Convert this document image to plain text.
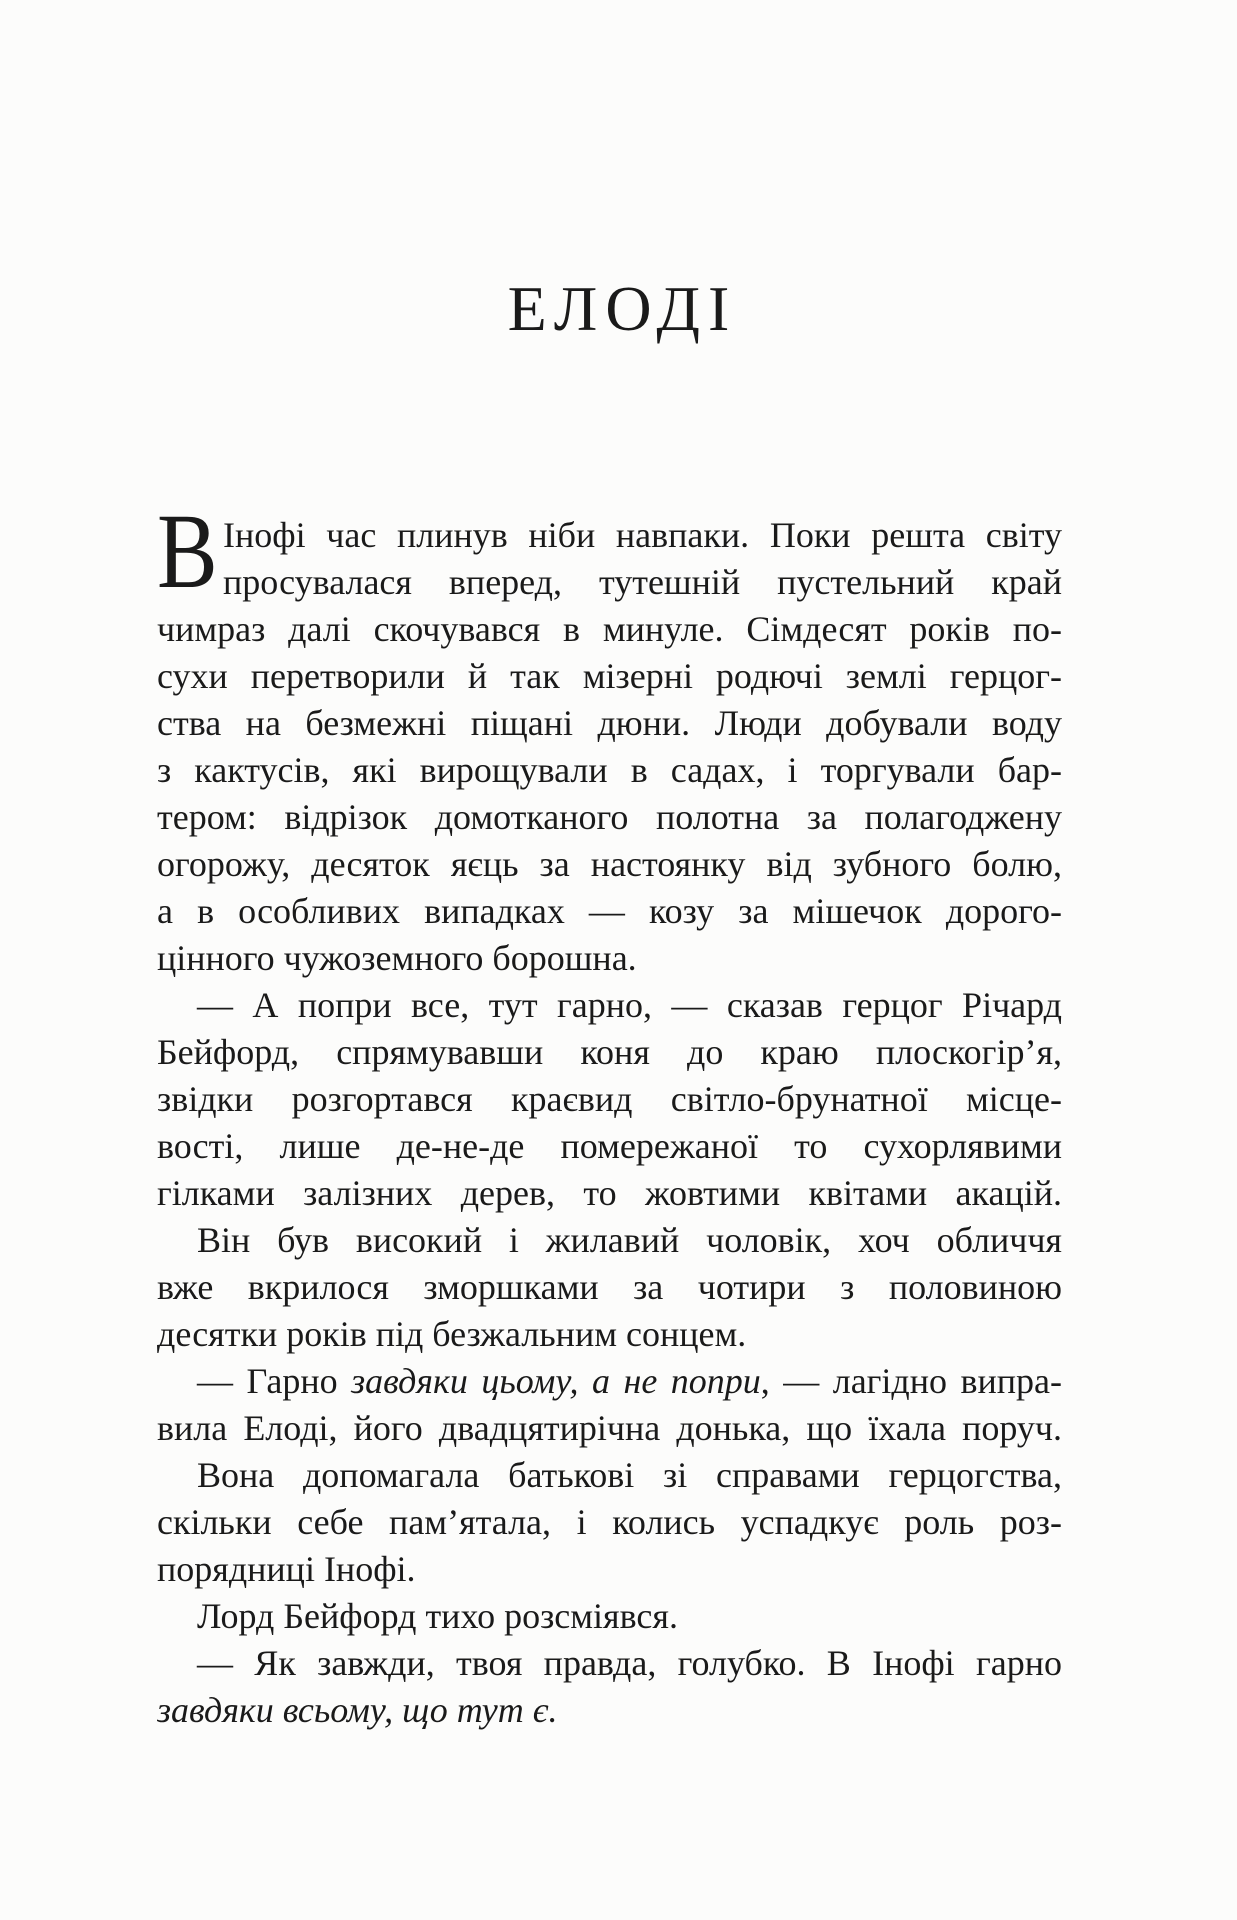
ЕЛОДІ
В Інофі час плинув ніби навпаки. Поки решта світу
просувалася вперед, тутешній пустельний край
чимраз далі скочувався в минуле. Сімдесят років по-
сухи перетворили й так мізерні родючі землі герцог-
ства на безмежні піщані дюни. Люди добували воду
з кактусів, які вирощували в садах, і торгували бар-
тером: відрізок домотканого полотна за полагоджену
огорожу, десяток яєць за настоянку від зубного болю,
а в особливих випадках — козу за мішечок дорого-
цінного чужоземного борошна.
— А попри все, тут гарно, — сказав герцог Річард
Бейфорд, спрямувавши коня до краю плоскогір’я,
звідки розгортався краєвид світло-брунатної місце-
вості, лише де-не-де помережаної то сухорлявими
гілками залізних дерев, то жовтими квітами акацій.
Він був високий і жилавий чоловік, хоч обличчя
вже вкрилося зморшками за чотири з половиною
десятки років під безжальним сонцем.
— Гарно завдяки цьому, а не попри, — лагідно випра-
вила Елоді, його двадцятирічна донька, що їхала поруч.
Вона допомагала батькові зі справами герцогства,
скільки себе пам’ятала, і колись успадкує роль роз-
порядниці Інофі.
Лорд Бейфорд тихо розсміявся.
— Як завжди, твоя правда, голубко. В Інофі гарно
завдяки всьому, що тут є.
